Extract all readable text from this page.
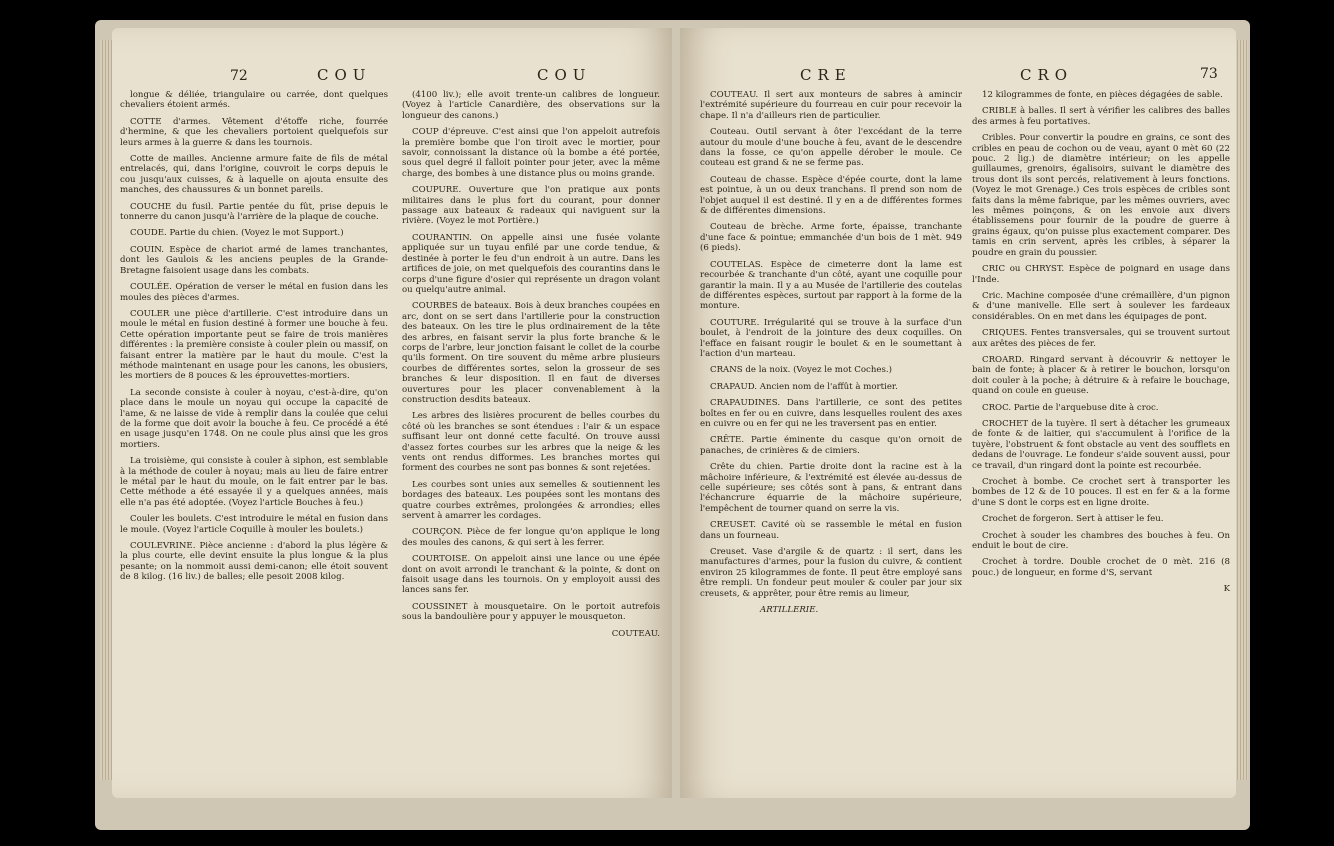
72	COU	COU

longue & déliée, triangulaire ou carrée, dont quelques chevaliers étoient armés.

COTTE d'armes. Vêtement d'étoffe riche, fourrée d'hermine, & que les chevaliers portoient quelquefois sur leurs armes à la guerre & dans les tournois.

Cotte de mailles. Ancienne armure faite de fils de métal entrelacés, qui, dans l'origine, couvroit le corps depuis le cou jusqu'aux cuisses, & à laquelle on ajouta ensuite des manches, des chaussures & un bonnet pareils.

COUCHE du fusil. Partie pentée du fût, prise depuis le tonnerre du canon jusqu'à l'arrière de la plaque de couche.

COUDE. Partie du chien. (Voyez le mot Support.)

COUIN. Espèce de chariot armé de lames tranchantes, dont les Gaulois & les anciens peuples de la Grande-Bretagne faisoient usage dans les combats.

COULÉE. Opération de verser le métal en fusion dans les moules des pièces d'armes.

COULER une pièce d'artillerie. C'est introduire dans un moule le métal en fusion destiné à former une bouche à feu. Cette opération importante peut se faire de trois manières différentes : la première consiste à couler plein ou massif, on faisant entrer la matière par le haut du moule. C'est la méthode maintenant en usage pour les canons, les obusiers, les mortiers de 8 pouces & les éprouvettes-mortiers.

La seconde consiste à couler à noyau, c'est-à-dire, qu'on place dans le moule un noyau qui occupe la capacité de l'ame, & ne laisse de vide à remplir dans la coulée que celui de la forme que doit avoir la bouche à feu. Ce procédé a été en usage jusqu'en 1748. On ne coule plus ainsi que les gros mortiers.

La troisième, qui consiste à couler à siphon, est semblable à la méthode de couler à noyau; mais au lieu de faire entrer le métal par le haut du moule, on le fait entrer par le bas. Cette méthode a été essayée il y a quelques années, mais elle n'a pas été adoptée. (Voyez l'article Bouches à feu.)

Couler les boulets. C'est introduire le métal en fusion dans le moule. (Voyez l'article Coquille à mouler les boulets.)

COULEVRINE. Pièce ancienne : d'abord la plus légère & la plus courte, elle devint ensuite la plus longue & la plus pesante; on la nommoit aussi demi-canon; elle étoit souvent de 8 kilog. (16 liv.) de balles; elle pesoit 2008 kilog.

(4100 liv.); elle avoit trente-un calibres de longueur. (Voyez à l'article Canardière, des observations sur la longueur des canons.)

COUP d'épreuve. C'est ainsi que l'on appeloit autrefois la première bombe que l'on tiroit avec le mortier, pour savoir, connoissant la distance où la bombe a été portée, sous quel degré il falloit pointer pour jeter, avec la même charge, des bombes à une distance plus ou moins grande.

COUPURE. Ouverture que l'on pratique aux ponts militaires dans le plus fort du courant, pour donner passage aux bateaux & radeaux qui naviguent sur la rivière. (Voyez le mot Portière.)

COURANTIN. On appelle ainsi une fusée volante appliquée sur un tuyau enfilé par une corde tendue, & destinée à porter le feu d'un endroit à un autre. Dans les artifices de joie, on met quelquefois des courantins dans le corps d'une figure d'osier qui représente un dragon volant ou quelqu'autre animal.

COURBES de bateaux. Bois à deux branches coupées en arc, dont on se sert dans l'artillerie pour la construction des bateaux. On les tire le plus ordinairement de la tête des arbres, en faisant servir la plus forte branche & le corps de l'arbre, leur jonction faisant le collet de la courbe qu'ils forment. On tire souvent du même arbre plusieurs courbes de différentes sortes, selon la grosseur de ses branches & leur disposition. Il en faut de diverses ouvertures pour les placer convenablement à la construction desdits bateaux.

Les arbres des lisières procurent de belles courbes du côté où les branches se sont étendues : l'air & un espace suffisant leur ont donné cette faculté. On trouve aussi d'assez fortes courbes sur les arbres que la neige & les vents ont rendus difformes. Les branches mortes qui forment des courbes ne sont pas bonnes & sont rejetées.

Les courbes sont unies aux semelles & soutiennent les bordages des bateaux. Les poupées sont les montans des quatre courbes extrêmes, prolongées & arrondies; elles servent à amarrer les cordages.

COURÇON. Pièce de fer longue qu'on applique le long des moules des canons, & qui sert à les ferrer.

COURTOISE. On appeloit ainsi une lance ou une épée dont on avoit arrondi le tranchant & la pointe, & dont on faisoit usage dans les tournois. On y employoit aussi des lances sans fer.

COUSSINET à mousquetaire. On le portoit autrefois sous la bandoulière pour y appuyer le mousqueton.

COUTEAU.

CRE	CRO	73

COUTEAU. Il sert aux monteurs de sabres à amincir l'extrémité supérieure du fourreau en cuir pour recevoir la chape. Il n'a d'ailleurs rien de particulier.

Couteau. Outil servant à ôter l'excédant de la terre autour du moule d'une bouche à feu, avant de le descendre dans la fosse, ce qu'on appelle dérober le moule. Ce couteau est grand & ne se ferme pas.

Couteau de chasse. Espèce d'épée courte, dont la lame est pointue, à un ou deux tranchans. Il prend son nom de l'objet auquel il est destiné. Il y en a de différentes formes & de différentes dimensions.

Couteau de brèche. Arme forte, épaisse, tranchante d'une face & pointue; emmanchée d'un bois de 1 mèt. 949 (6 pieds).

COUTELAS. Espèce de cimeterre dont la lame est recourbée & tranchante d'un côté, ayant une coquille pour garantir la main. Il y a au Musée de l'artillerie des coutelas de différentes espèces, surtout par rapport à la forme de la monture.

COUTURE. Irrégularité qui se trouve à la surface d'un boulet, à l'endroit de la jointure des deux coquilles. On l'efface en faisant rougir le boulet & en le soumettant à l'action d'un marteau.

CRANS de la noix. (Voyez le mot Coches.)

CRAPAUD. Ancien nom de l'affût à mortier.

CRAPAUDINES. Dans l'artillerie, ce sont des petites boîtes en fer ou en cuivre, dans lesquelles roulent des axes en cuivre ou en fer qui ne les traversent pas en entier.

CRÊTE. Partie éminente du casque qu'on ornoit de panaches, de crinières & de cimiers.

Crête du chien. Partie droite dont la racine est à la mâchoire inférieure, & l'extrémité est élevée au-dessus de celle supérieure; ses côtés sont à pans, & entrant dans l'échancrure équarrie de la mâchoire supérieure, l'empêchent de tourner quand on serre la vis.

CREUSET. Cavité où se rassemble le métal en fusion dans un fourneau.

Creuset. Vase d'argile & de quartz : il sert, dans les manufactures d'armes, pour la fusion du cuivre, & contient environ 25 kilogrammes de fonte. Il peut être employé sans être rempli. Un fondeur peut mouler & couler par jour six creusets, & apprêter, pour être remis au limeur,

ARTILLERIE.

12 kilogrammes de fonte, en pièces dégagées de sable.

CRIBLE à balles. Il sert à vérifier les calibres des balles des armes à feu portatives.

Cribles. Pour convertir la poudre en grains, ce sont des cribles en peau de cochon ou de veau, ayant 0 mèt 60 (22 pouc. 2 lig.) de diamètre intérieur; on les appelle guillaumes, grenoirs, égalisoirs, suivant le diamètre des trous dont ils sont percés, relativement à leurs fonctions. (Voyez le mot Grenage.) Ces trois espèces de cribles sont faits dans la même fabrique, par les mêmes ouvriers, avec les mêmes poinçons, & on les envoie aux divers établissemens pour fournir de la poudre de guerre à grains égaux, qu'on puisse plus exactement comparer. Des tamis en crin servent, après les cribles, à séparer la poudre en grain du poussier.

CRIC ou CHRYST. Espèce de poignard en usage dans l'Inde.

Cric. Machine composée d'une crémaillère, d'un pignon & d'une manivelle. Elle sert à soulever les fardeaux considérables. On en met dans les équipages de pont.

CRIQUES. Fentes transversales, qui se trouvent surtout aux arêtes des pièces de fer.

CROARD. Ringard servant à découvrir & nettoyer le bain de fonte; à placer & à retirer le bouchon, lorsqu'on doit couler à la poche; à détruire & à refaire le bouchage, quand on coule en gueuse.

CROC. Partie de l'arquebuse dite à croc.

CROCHET de la tuyère. Il sert à détacher les grumeaux de fonte & de laitier, qui s'accumulent à l'orifice de la tuyère, l'obstruent & font obstacle au vent des soufflets en dedans de l'ouvrage. Le fondeur s'aide souvent aussi, pour ce travail, d'un ringard dont la pointe est recourbée.

Crochet à bombe. Ce crochet sert à transporter les bombes de 12 & de 10 pouces. Il est en fer & a la forme d'une S dont le corps est en ligne droite.

Crochet de forgeron. Sert à attiser le feu.

Crochet à souder les chambres des bouches à feu. On enduit le bout de cire.

Crochet à tordre. Double crochet de 0 mèt. 216 (8 pouc.) de longueur, en forme d'S, servant

K
